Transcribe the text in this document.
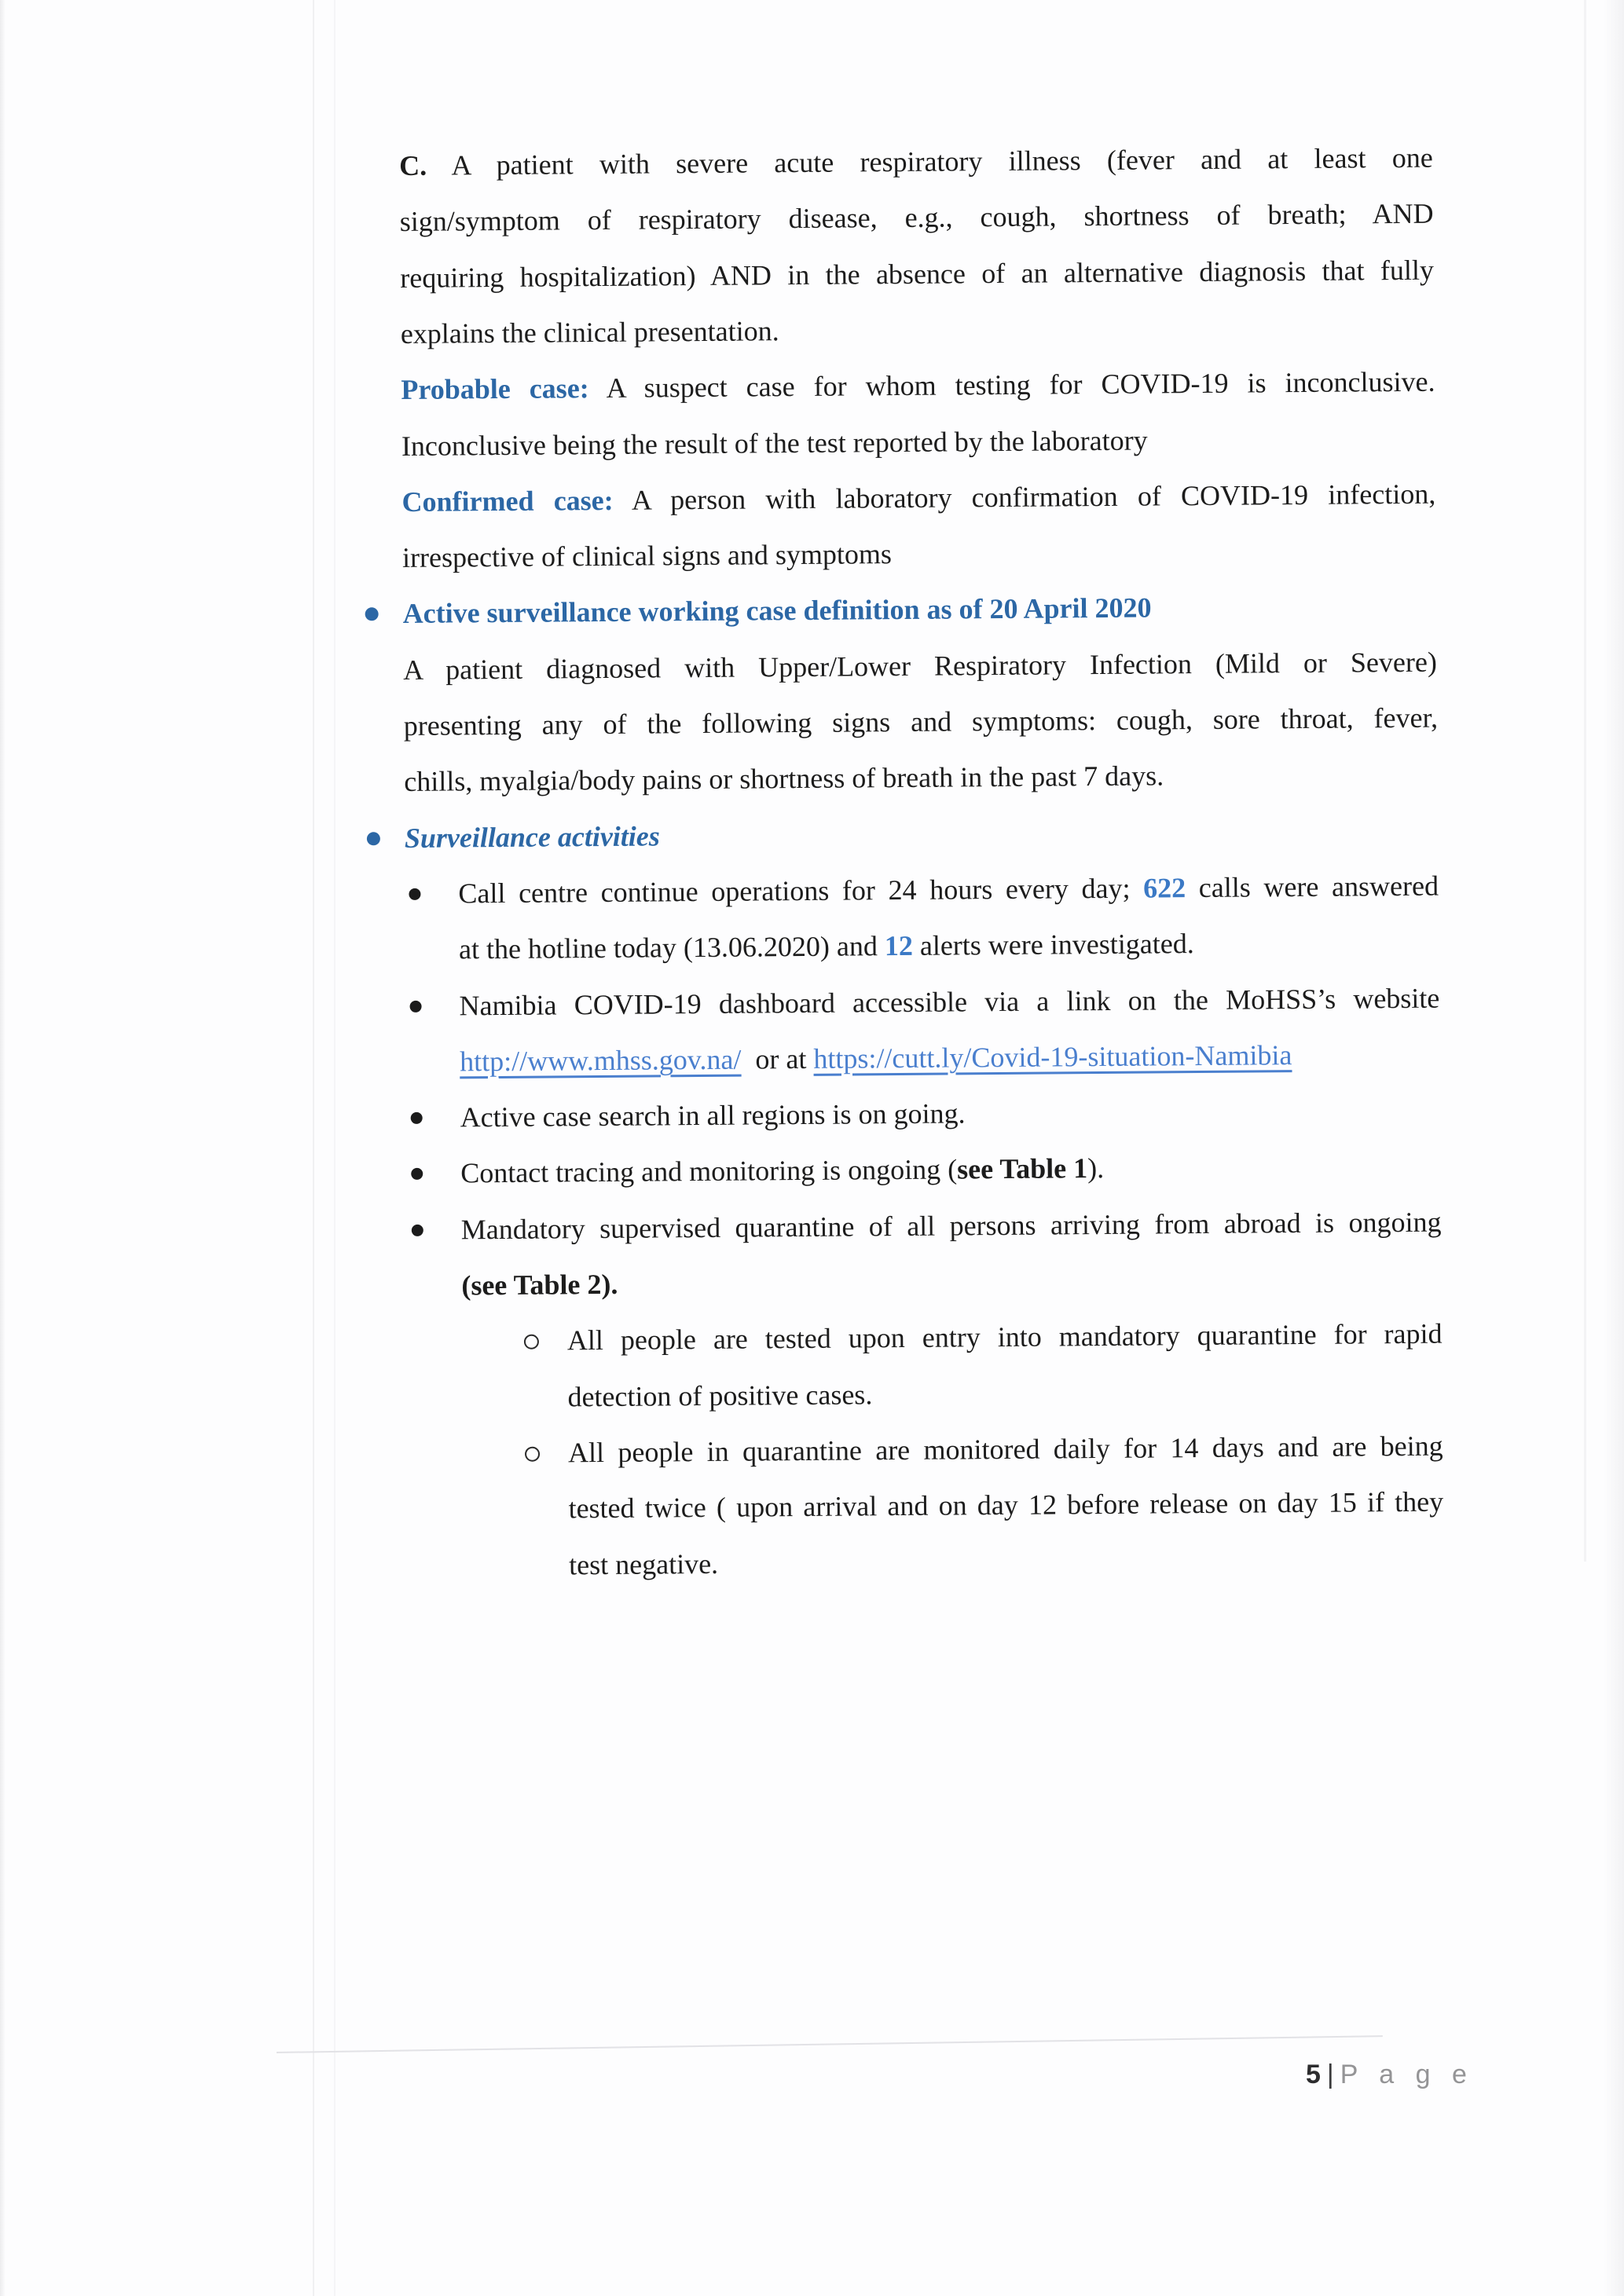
C. A patient with severe acute respiratory illness (fever and at least one
sign/symptom of respiratory disease, e.g., cough, shortness of breath; AND
requiring hospitalization) AND in the absence of an alternative diagnosis that fully
explains the clinical presentation.
Probable case: A suspect case for whom testing for COVID-19 is inconclusive.
Inconclusive being the result of the test reported by the laboratory
Confirmed case: A person with laboratory confirmation of COVID-19 infection,
irrespective of clinical signs and symptoms
Active surveillance working case definition as of 20 April 2020
A patient diagnosed with Upper/Lower Respiratory Infection (Mild or Severe)
presenting any of the following signs and symptoms: cough, sore throat, fever,
chills, myalgia/body pains or shortness of breath in the past 7 days.
Surveillance activities
Call centre continue operations for 24 hours every day; 622 calls were answered
at the hotline today (13.06.2020) and 12 alerts were investigated.
Namibia COVID-19 dashboard accessible via a link on the MoHSS’s website
http://www.mhss.gov.na/  or at https://cutt.ly/Covid-19-situation-Namibia
Active case search in all regions is on going.
Contact tracing and monitoring is ongoing (see Table 1).
Mandatory supervised quarantine of all persons arriving from abroad is ongoing
(see Table 2).
All people are tested upon entry into mandatory quarantine for rapid
detection of positive cases.
All people in quarantine are monitored daily for 14 days and are being
tested twice ( upon arrival and on day 12 before release on day 15 if they
test negative.
5 | P a g e
